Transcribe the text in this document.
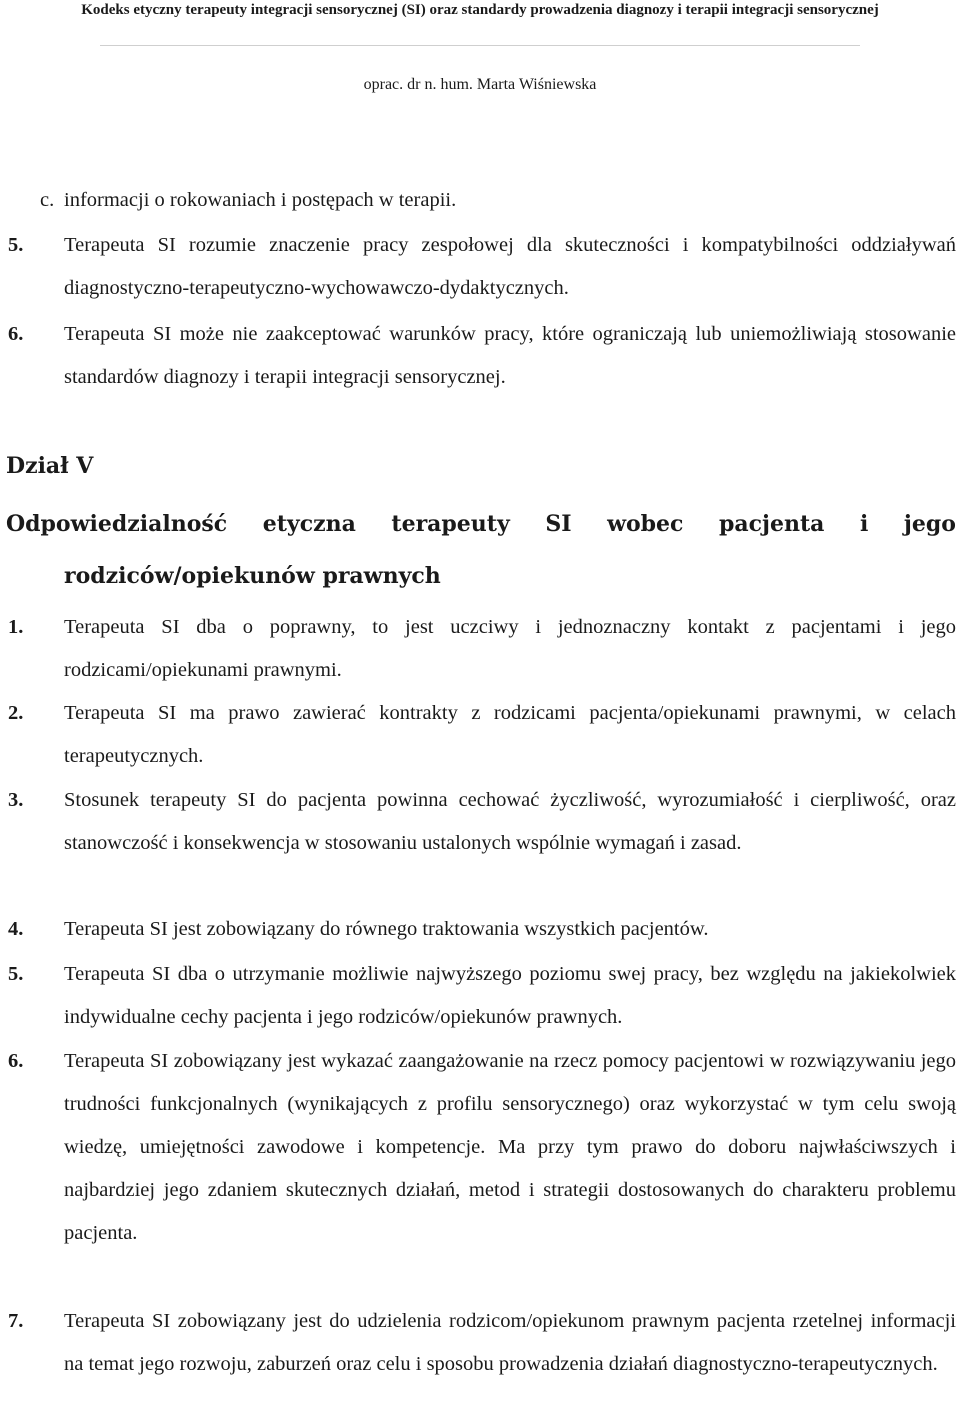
Kodeks etyczny terapeuty integracji sensorycznej (SI) oraz standardy prowadzenia diagnozy i terapii integracji sensorycznej
oprac. dr n. hum. Marta Wiśniewska
c. informacji o rokowaniach i postępach w terapii.
5. Terapeuta SI rozumie znaczenie pracy zespołowej dla skuteczności i kompatybilności oddziaływań diagnostyczno-terapeutyczno-wychowawczo-dydaktycznych.
6. Terapeuta SI może nie zaakceptować warunków pracy, które ograniczają lub uniemożliwiają stosowanie standardów diagnozy i terapii integracji sensorycznej.
Dział V
Odpowiedzialność etyczna terapeuty SI wobec pacjenta i jego
rodziców/opiekunów prawnych
1. Terapeuta SI dba o poprawny, to jest uczciwy i jednoznaczny kontakt z pacjentami i jego rodzicami/opiekunami prawnymi.
2. Terapeuta SI ma prawo zawierać kontrakty z rodzicami pacjenta/opiekunami prawnymi, w celach terapeutycznych.
3. Stosunek terapeuty SI do pacjenta powinna cechować życzliwość, wyrozumiałość i cierpliwość, oraz stanowczość i konsekwencja w stosowaniu ustalonych wspólnie wymagań i zasad.
4. Terapeuta SI jest zobowiązany do równego traktowania wszystkich pacjentów.
5. Terapeuta SI dba o utrzymanie możliwie najwyższego poziomu swej pracy, bez względu na jakiekolwiek indywidualne cechy pacjenta i jego rodziców/opiekunów prawnych.
6. Terapeuta SI zobowiązany jest wykazać zaangażowanie na rzecz pomocy pacjentowi w rozwiązywaniu jego trudności funkcjonalnych (wynikających z profilu sensorycznego) oraz wykorzystać w tym celu swoją wiedzę, umiejętności zawodowe i kompetencje. Ma przy tym prawo do doboru najwłaściwszych i najbardziej jego zdaniem skutecznych działań, metod i strategii dostosowanych do charakteru problemu pacjenta.
7. Terapeuta SI zobowiązany jest do udzielenia rodzicom/opiekunom prawnym pacjenta rzetelnej informacji na temat jego rozwoju, zaburzeń oraz celu i sposobu prowadzenia działań diagnostyczno-terapeutycznych.
